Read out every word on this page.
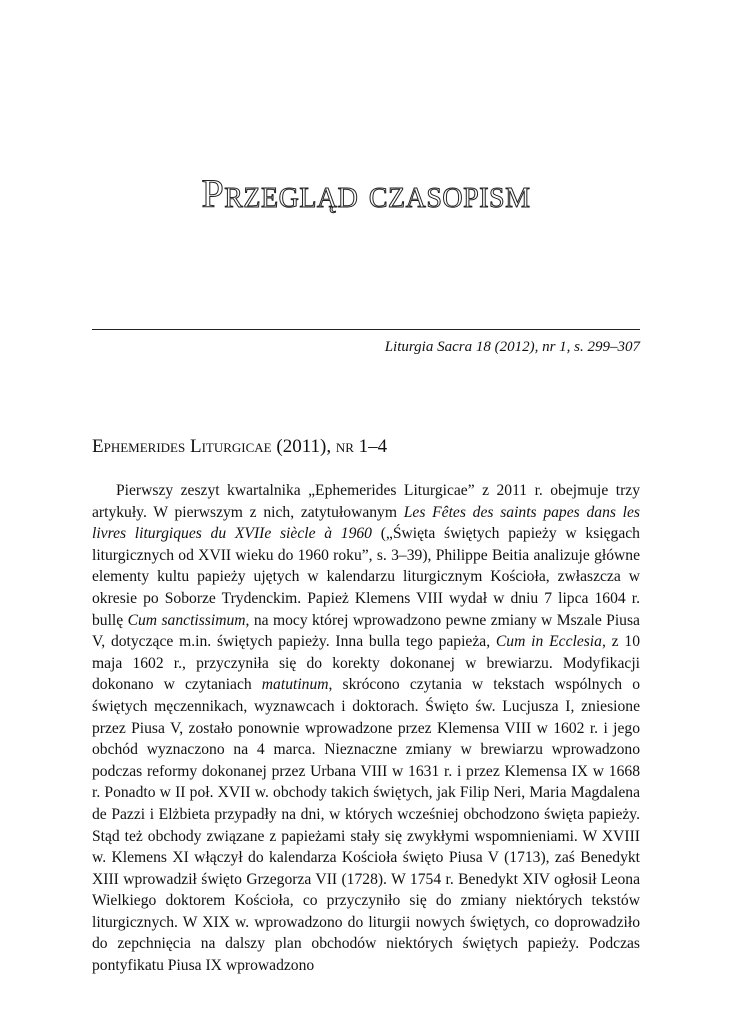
Przegląd czasopism
Liturgia Sacra 18 (2012), nr 1, s. 299–307
Ephemerides Liturgicae (2011), nr 1–4

Pierwszy zeszyt kwartalnika „Ephemerides Liturgicae” z 2011 r. obejmuje trzy artykuły. W pierwszym z nich, zatytułowanym Les Fêtes des saints papes dans les livres liturgiques du XVIIe siècle à 1960 („Święta świętych papieży w księgach liturgicznych od XVII wieku do 1960 roku”, s. 3–39), Philippe Beitia analizuje główne elementy kultu papieży ujętych w kalendarzu liturgicznym Kościoła, zwłaszcza w okresie po Soborze Trydenckim. Papież Klemens VIII wydał w dniu 7 lipca 1604 r. bullę Cum sanctissimum, na mocy której wprowadzono pewne zmiany w Mszale Piusa V, dotyczące m.in. świętych papieży. Inna bulla tego papieża, Cum in Ecclesia, z 10 maja 1602 r., przyczyniła się do korekty dokonanej w brewiarzu. Modyfikacji dokonano w czytaniach matutinum, skrócono czytania w tekstach wspólnych o świętych męczennikach, wyznawcach i doktorach. Święto św. Lucjusza I, zniesione przez Piusa V, zostało ponownie wprowadzone przez Klemensa VIII w 1602 r. i jego obchód wyznaczono na 4 marca. Nieznaczne zmiany w brewiarzu wprowadzono podczas reformy dokonanej przez Urbana VIII w 1631 r. i przez Klemensa IX w 1668 r. Ponadto w II poł. XVII w. obchody takich świętych, jak Filip Neri, Maria Magdalena de Pazzi i Elżbieta przypadły na dni, w których wcześniej obchodzono święta papieży. Stąd też obchody związane z papieżami stały się zwykłymi wspomnieniami. W XVIII w. Klemens XI włączył do kalendarza Kościoła święto Piusa V (1713), zaś Benedykt XIII wprowadził święto Grzegorza VII (1728). W 1754 r. Benedykt XIV ogłosił Leona Wielkiego doktorem Kościoła, co przyczyniło się do zmiany niektórych tekstów liturgicznych. W XIX w. wprowadzono do liturgii nowych świętych, co doprowadziło do zepchnięcia na dalszy plan obchodów niektórych świętych papieży. Podczas pontyfikatu Piusa IX wprowadzono
